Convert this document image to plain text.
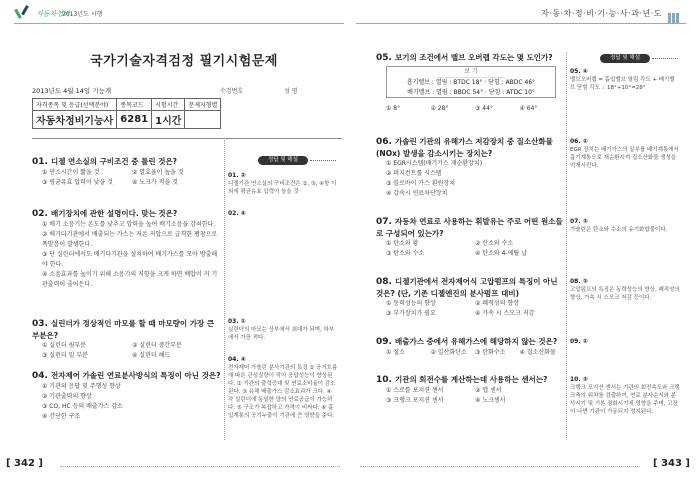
자동차정비
2013년도 시행	자·동·차·정·비·기·능·사·과·년·도
국가기술자격검정 필기시험문제
2013년도 4월 14일 기능개	수검번호	성 명
자격종목 및 등급(선택분야)	종목코드	시험시간	문제지형별
자동차정비기능사	6281	1시간	
정답 및 해설
01. 디젤 연소실의 구비조건 중 틀린 것은?
① 연소시간이 짧을 것	② 열효율이 높을 것
③ 평균유효 압력이 낮을 것	④ 노크가 적을 것
01. ②
디젤기관 연소실의 구비조건은 ①, ③, ④항 이외에 평균유효 압력이 높을 것
02. 배기장치에 관한 설명이다. 맞는 것은?
① 배기 소음기는 온도를 낮추고 압력을 높여 배기소음을 감쇠한다.
② 배기다기관에서 배출되는 가스는 저온 저압으로 급격한 팽창으로 폭발음이 발생한다.
③ 단 실린더에서도 배기다기관을 설치하여 배기가스를 모아 방출해야 한다.
④ 소음효과를 높이기 위해 소음기의 저항을 크게 하면 배압이 커 기관출력이 줄어든다.
02. ④
03. 실린더가 정상적인 마모를 할 때 마모량이 가장 큰 부분은?
① 실린더 윗부분	② 실린더 중간부분
③ 실린더 밑 부분	④ 실린더 헤드
03. ①
실린더의 마모는 상부에서 최대가 되며, 하부에서 가장 적다.
04. 전자제어 가솔린 연료분사방식의 특징이 아닌 것은?
① 기관의 응답 및 주행성 향상
② 기관출력의 향상
③ CO, HC 등의 배출가스 감소
④ 간단한 구조
04. ④
전자제어 가솔린 분사기관의 특징 ① 공기흐름에 따른 관성질량이 작아 응답성능이 향상된다. ② 기관의 출력증대 및 연료소비율이 감소된다. ③ 유해 배출가스 감소효과가 크다. ④ 각 실린더에 동일한 양의 연료공급이 가능하다. ⑤ 구조가 복잡하고 가격이 비싸다. ⑥ 흡입계통의 공기누출이 기관에 큰 영향을 준다.
정답 및 해설
05. 보기의 조건에서 밸브 오버랩 각도는 몇 도인가?
보 기
흡기밸브 : 열림 : BTDC 18° · 닫힘 : ABDC 46°
배기밸브 : 열림 : BBDC 54° · 닫힘 : ATDC 10°
① 8°	② 28°	③ 44°	④ 64°
05. ④
밸브오버랩 = 흡입밸브 열림 각도 + 배기밸브 닫힘 각도 ∴ 18°+10°=28°
06. 가솔린 기관의 유해가스 저감장치 중 질소산화물(NOx) 발생을 감소시키는 장치는?
① EGR시스템(배기가스 재순환장치)
② 퍼지컨트롤 시스템
③ 블로바이 가스 환원장치
④ 감속시 연료차단장치
06. ①
EGR 장치는 배기가스의 일부를 배기계통에서 흡기계통으로 재순환시켜 질소산화물 생성을 억제시킨다.
07. 자동차 연료로 사용하는 휘발유는 주로 어떤 원소들로 구성되어 있는가?
① 탄소와 황	② 산소와 수소
③ 탄소와 수소	④ 탄소와 4-에틸 납
07. ③
가솔린은 탄소와 수소의 유기화합물이다.
08. 디젤기관에서 전자제어식 고압펌프의 특징이 아닌 것은? (단, 기존 디젤엔진의 분사펌프 대비)
① 동력성능의 향상	② 쾌적성의 향상
③ 부가장치가 필요	④ 가속 시 스모크 저감
08. ③
고압펌프의 특징은 동력성능의 향상, 쾌적성의 향상, 가속 시 스모크 저감 등이다.
09. 배출가스 중에서 유해가스에 해당하지 않는 것은?
① 질소	② 일산화탄소	③ 탄화수소	④ 질소산화물
09. ①
10. 기관의 회전수를 계산하는데 사용하는 센서는?
① 스로틀 포지션 센서	② 맵 센서
③ 크랭크 포지션 센서	④ 노크센서
10. ③
크랭크 포지션 센서는 기관의 회전속도와 크랭크축의 위치를 검출하여, 연료 분사순서와 분사시기 및 기본 점화시기에 영향을 주며, 고장이 나면 기관이 가동되지 정지된다.
[ 342 ]	[ 343 ]
